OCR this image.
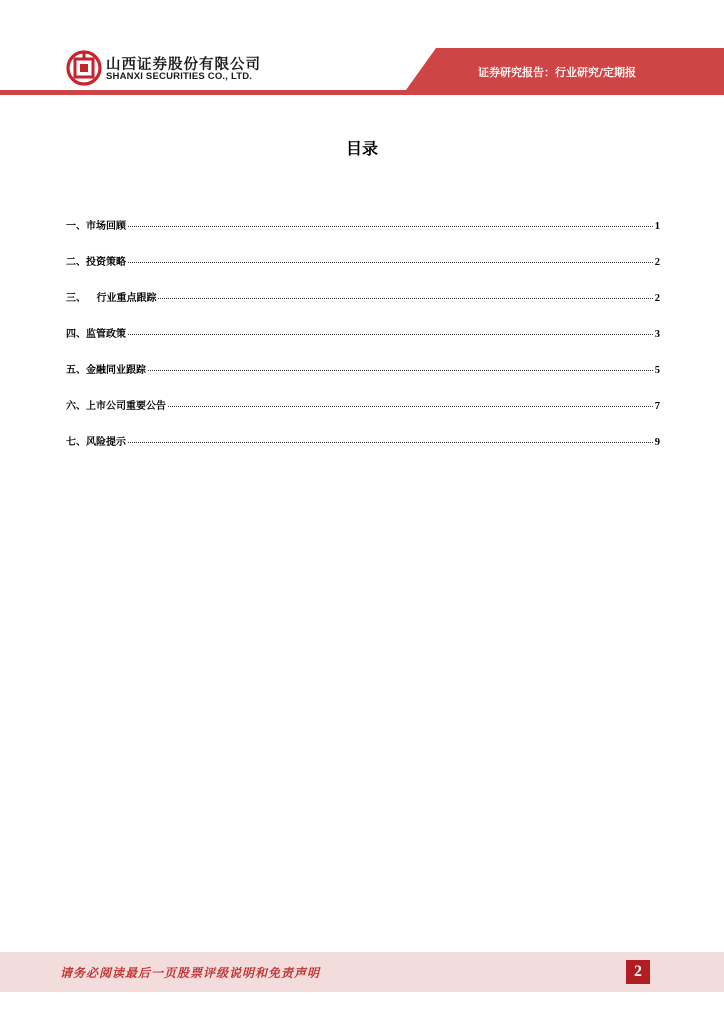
山西证券股份有限公司
SHANXI SECURITIES CO., LTD.	证券研究报告：行业研究/定期报
目录
一、市场回顾	1
二、投资策略	2
三、   行业重点跟踪	2
四、监管政策	3
五、金融同业跟踪	5
六、上市公司重要公告	7
七、风险提示	9
请务必阅读最后一页股票评级说明和免责声明	2
